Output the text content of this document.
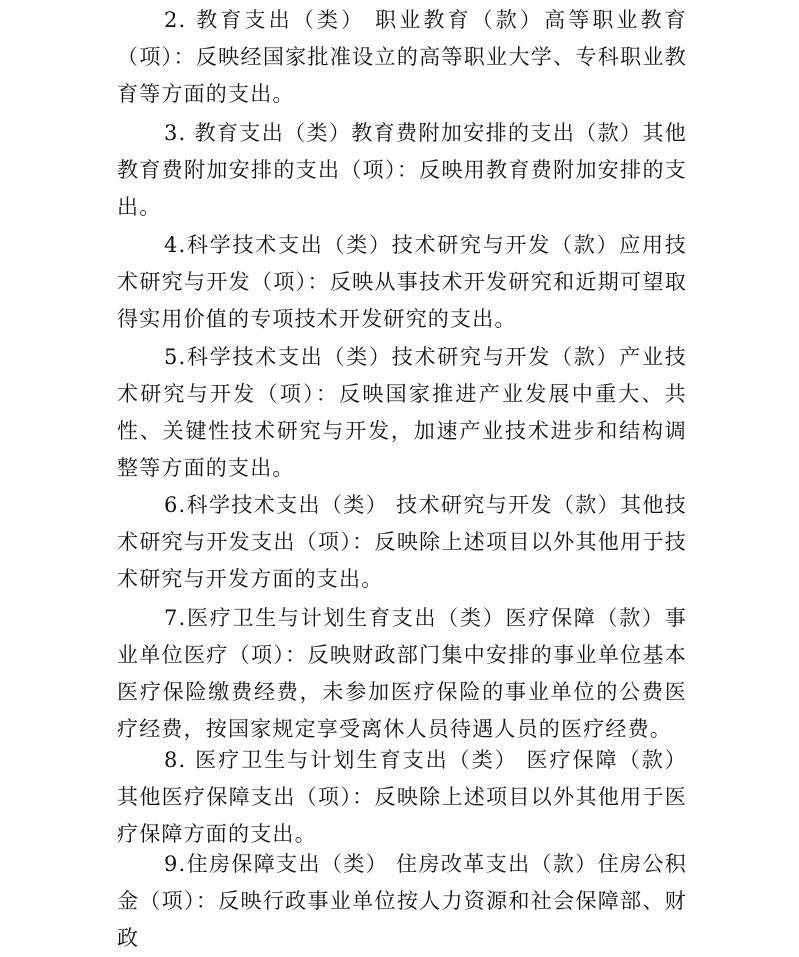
2. 教育支出（类） 职业教育（款）高等职业教育（项）：反映经国家批准设立的高等职业大学、专科职业教育等方面的支出。

3. 教育支出（类）教育费附加安排的支出（款）其他教育费附加安排的支出（项）：反映用教育费附加安排的支出。

4.科学技术支出（类）技术研究与开发（款）应用技术研究与开发（项）：反映从事技术开发研究和近期可望取得实用价值的专项技术开发研究的支出。

5.科学技术支出（类）技术研究与开发（款）产业技术研究与开发（项）：反映国家推进产业发展中重大、共性、关键性技术研究与开发，加速产业技术进步和结构调整等方面的支出。

6.科学技术支出（类） 技术研究与开发（款）其他技术研究与开发支出（项）：反映除上述项目以外其他用于技术研究与开发方面的支出。

7.医疗卫生与计划生育支出（类）医疗保障（款）事业单位医疗（项）：反映财政部门集中安排的事业单位基本医疗保险缴费经费，未参加医疗保险的事业单位的公费医疗经费，按国家规定享受离休人员待遇人员的医疗经费。

8. 医疗卫生与计划生育支出（类） 医疗保障（款）其他医疗保障支出（项）：反映除上述项目以外其他用于医疗保障方面的支出。

9.住房保障支出（类） 住房改革支出（款）住房公积金（项）：反映行政事业单位按人力资源和社会保障部、财政
